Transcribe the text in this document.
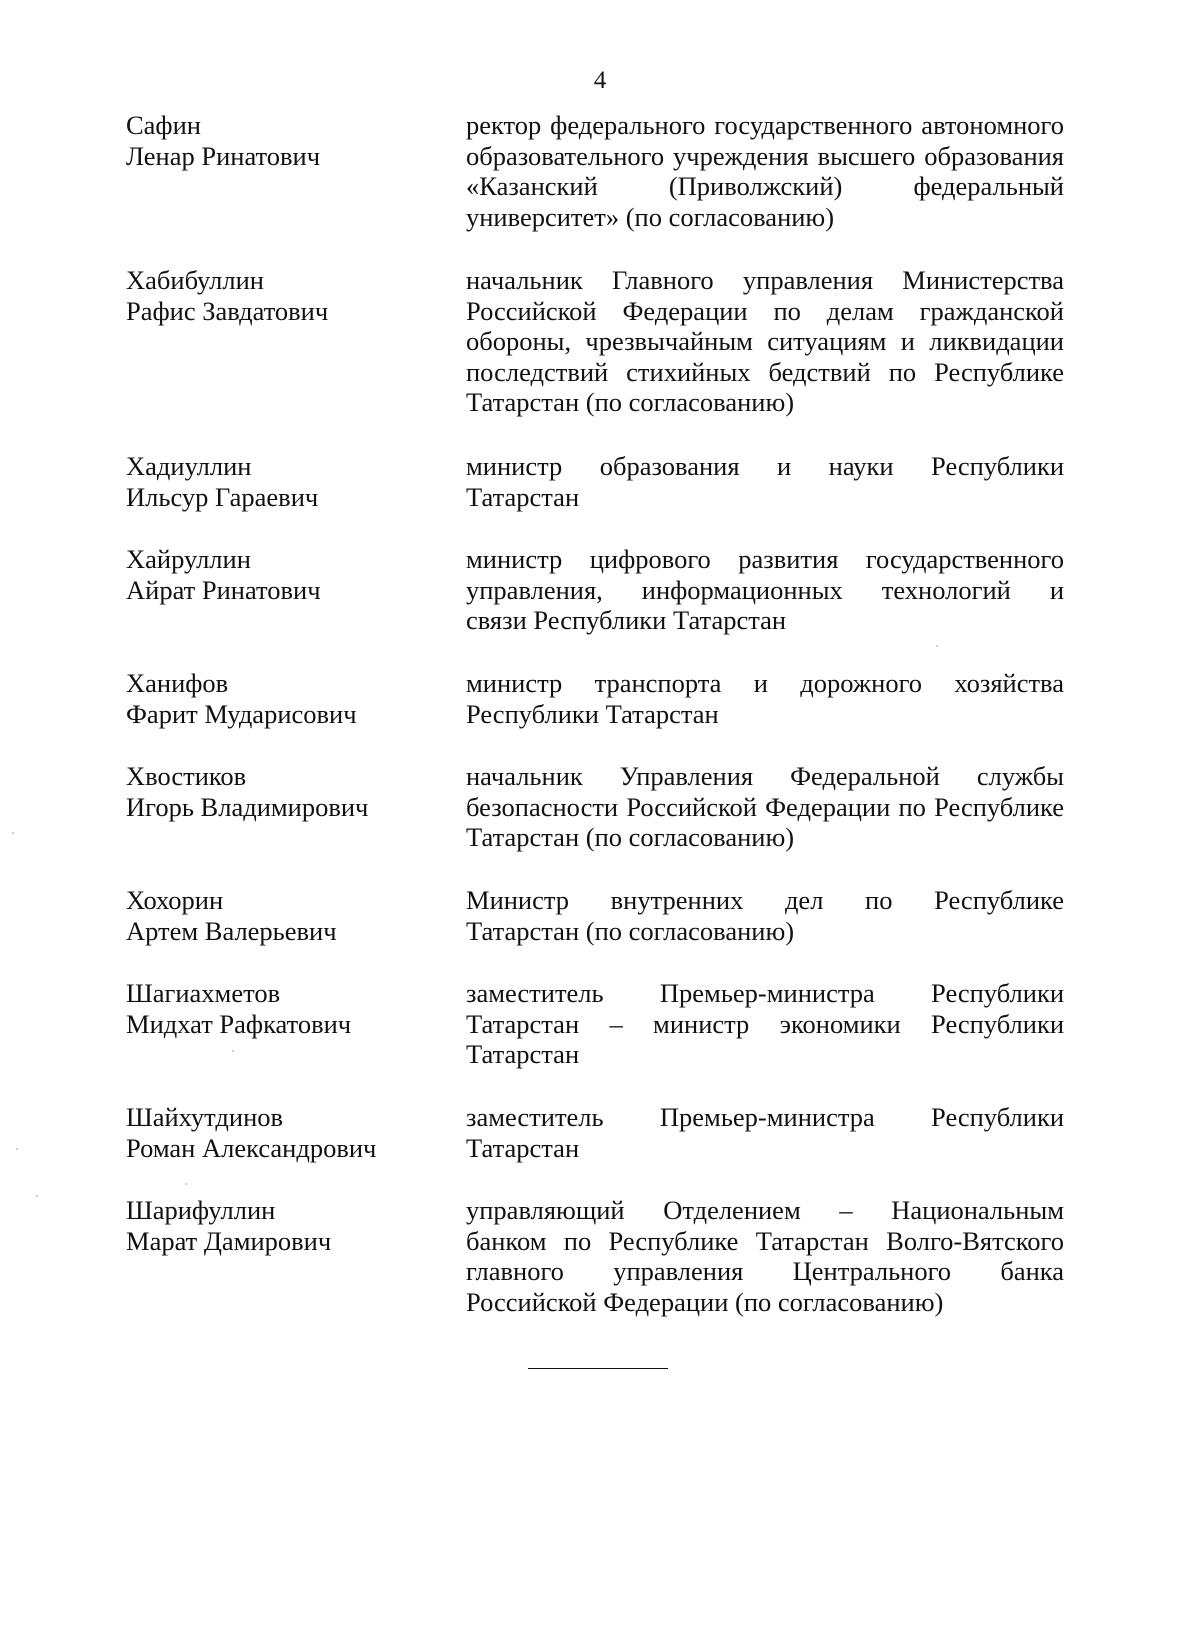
4
Сафин
Ленар Ринатович
ректор федерального государственного автономного
образовательного учреждения высшего образования
«Казанский (Приволжский) федеральный
университет» (по согласованию)
Хабибуллин
Рафис Завдатович
начальник Главного управления Министерства
Российской Федерации по делам гражданской
обороны, чрезвычайным ситуациям и ликвидации
последствий стихийных бедствий по Республике
Татарстан (по согласованию)
Хадиуллин
Ильсур Гараевич
министр образования и науки Республики
Татарстан
Хайруллин
Айрат Ринатович
министр цифрового развития государственного
управления, информационных технологий и
связи Республики Татарстан
Ханифов
Фарит Мударисович
министр транспорта и дорожного хозяйства
Республики Татарстан
Хвостиков
Игорь Владимирович
начальник Управления Федеральной службы
безопасности Российской Федерации по Республике
Татарстан (по согласованию)
Хохорин
Артем Валерьевич
Министр внутренних дел по Республике
Татарстан (по согласованию)
Шагиахметов
Мидхат Рафкатович
заместитель Премьер-министра Республики
Татарстан – министр экономики Республики
Татарстан
Шайхутдинов
Роман Александрович
заместитель Премьер-министра Республики
Татарстан
Шарифуллин
Марат Дамирович
управляющий Отделением – Национальным
банком по Республике Татарстан Волго-Вятского
главного управления Центрального банка
Российской Федерации (по согласованию)
